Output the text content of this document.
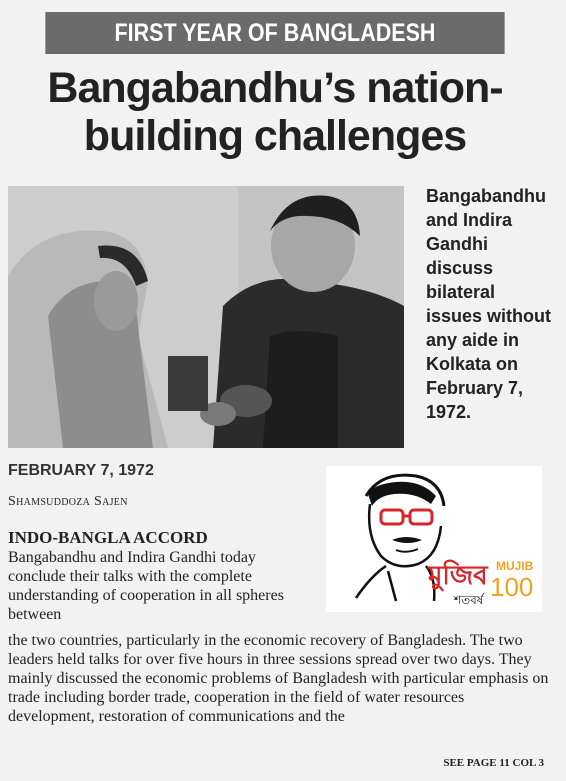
FIRST YEAR OF BANGLADESH
Bangabandhu’s nation-building challenges
Bangabandhu and Indira Gandhi discuss bilateral issues without any aide in Kolkata on February 7, 1972.
FEBRUARY 7, 1972
Shamsuddoza Sajen
মুজিব
শতবর্ষ
MUJIB
100
INDO-BANGLA ACCORD
Bangabandhu and Indira Gandhi today conclude their talks with the complete understanding of cooperation in all spheres between
the two countries, particularly in the economic recovery of Bangladesh. The two leaders held talks for over five hours in three sessions spread over two days. They mainly discussed the economic problems of Bangladesh with particular emphasis on trade including border trade, cooperation in the field of water resources development, restoration of communications and the
SEE PAGE 11 COL 3
